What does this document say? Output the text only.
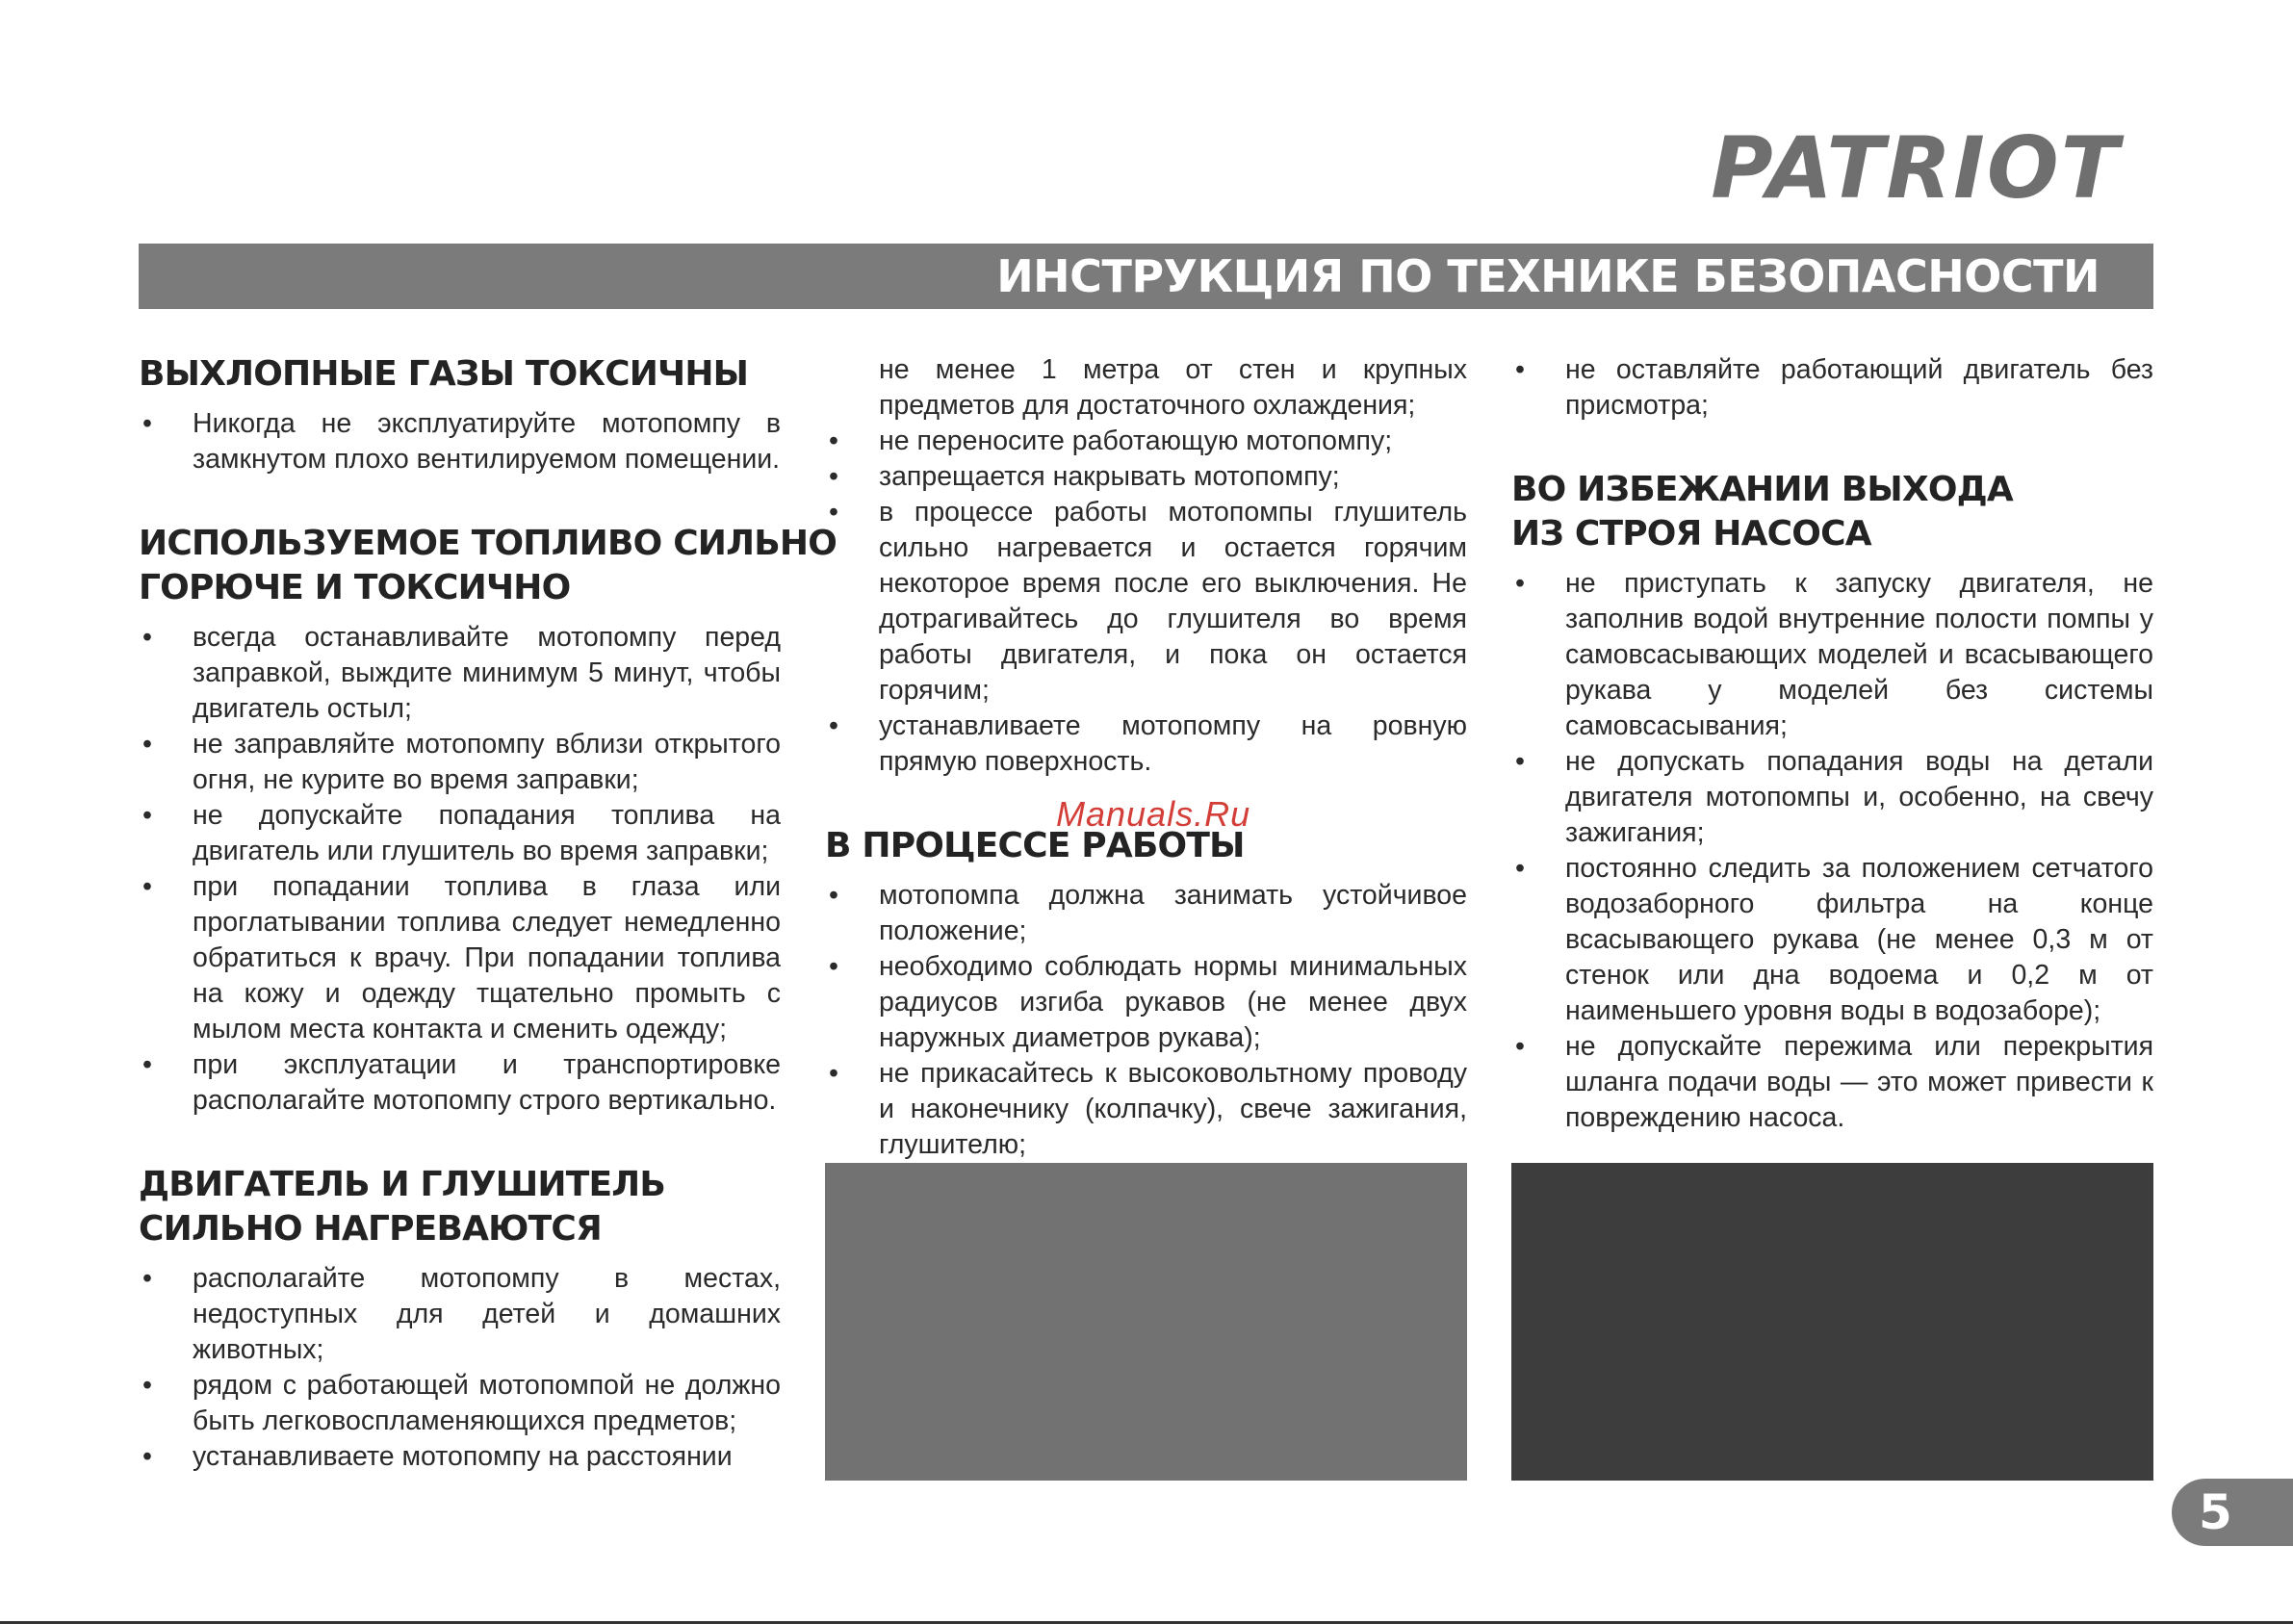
PATRIOT
ИНСТРУКЦИЯ ПО ТЕХНИКЕ БЕЗОПАСНОСТИ
ВЫХЛОПНЫЕ ГАЗЫ ТОКСИЧНЫ
• Никогда не эксплуатируйте мотопомпу в замкнутом плохо вентилируемом помещении.
ИСПОЛЬЗУЕМОЕ ТОПЛИВО СИЛЬНО
ГОРЮЧЕ И ТОКСИЧНО
• всегда останавливайте мотопомпу перед заправкой, выждите минимум 5 минут, чтобы двигатель остыл;
• не заправляйте мотопомпу вблизи открытого огня, не курите во время заправки;
• не допускайте попадания топлива на двигатель или глушитель во время заправки;
• при попадании топлива в глаза или проглатывании топлива следует немедленно обратиться к врачу. При попадании топлива на кожу и одежду тщательно промыть с мылом места контакта и сменить одежду;
• при эксплуатации и транспортировке располагайте мотопомпу строго вертикально.
ДВИГАТЕЛЬ И ГЛУШИТЕЛЬ
СИЛЬНО НАГРЕВАЮТСЯ
• располагайте мотопомпу в местах, недоступных для детей и домашних животных;
• рядом с работающей мотопомпой не должно быть легковоспламеняющихся предметов;
• устанавливаете мотопомпу на расстоянии
не менее 1 метра от стен и крупных предметов для достаточного охлаждения;
• не переносите работающую мотопомпу;
• запрещается накрывать мотопомпу;
• в процессе работы мотопомпы глушитель сильно нагревается и остается горячим некоторое время после его выключения. Не дотрагивайтесь до глушителя во время работы двигателя, и пока он остается горячим;
• устанавливаете мотопомпу на ровную прямую поверхность.
В ПРОЦЕССЕ РАБОТЫ
• мотопомпа должна занимать устойчивое положение;
• необходимо соблюдать нормы минимальных радиусов изгиба рукавов (не менее двух наружных диаметров рукава);
• не прикасайтесь к высоковольтному проводу и наконечнику (колпачку), свече зажигания, глушителю;
Manuals.Ru
• не оставляйте работающий двигатель без присмотра;
ВО ИЗБЕЖАНИИ ВЫХОДА
ИЗ СТРОЯ НАСОСА
• не приступать к запуску двигателя, не заполнив водой внутренние полости помпы у самовсасывающих моделей и всасывающего рукава у моделей без системы самовсасывания;
• не допускать попадания воды на детали двигателя мотопомпы и, особенно, на свечу зажигания;
• постоянно следить за положением сетчатого водозаборного фильтра на конце всасывающего рукава (не менее 0,3 м от стенок или дна водоема и 0,2 м от наименьшего уровня воды в водозаборе);
• не допускайте пережима или перекрытия шланга подачи воды — это может привести к повреждению насоса.
5
